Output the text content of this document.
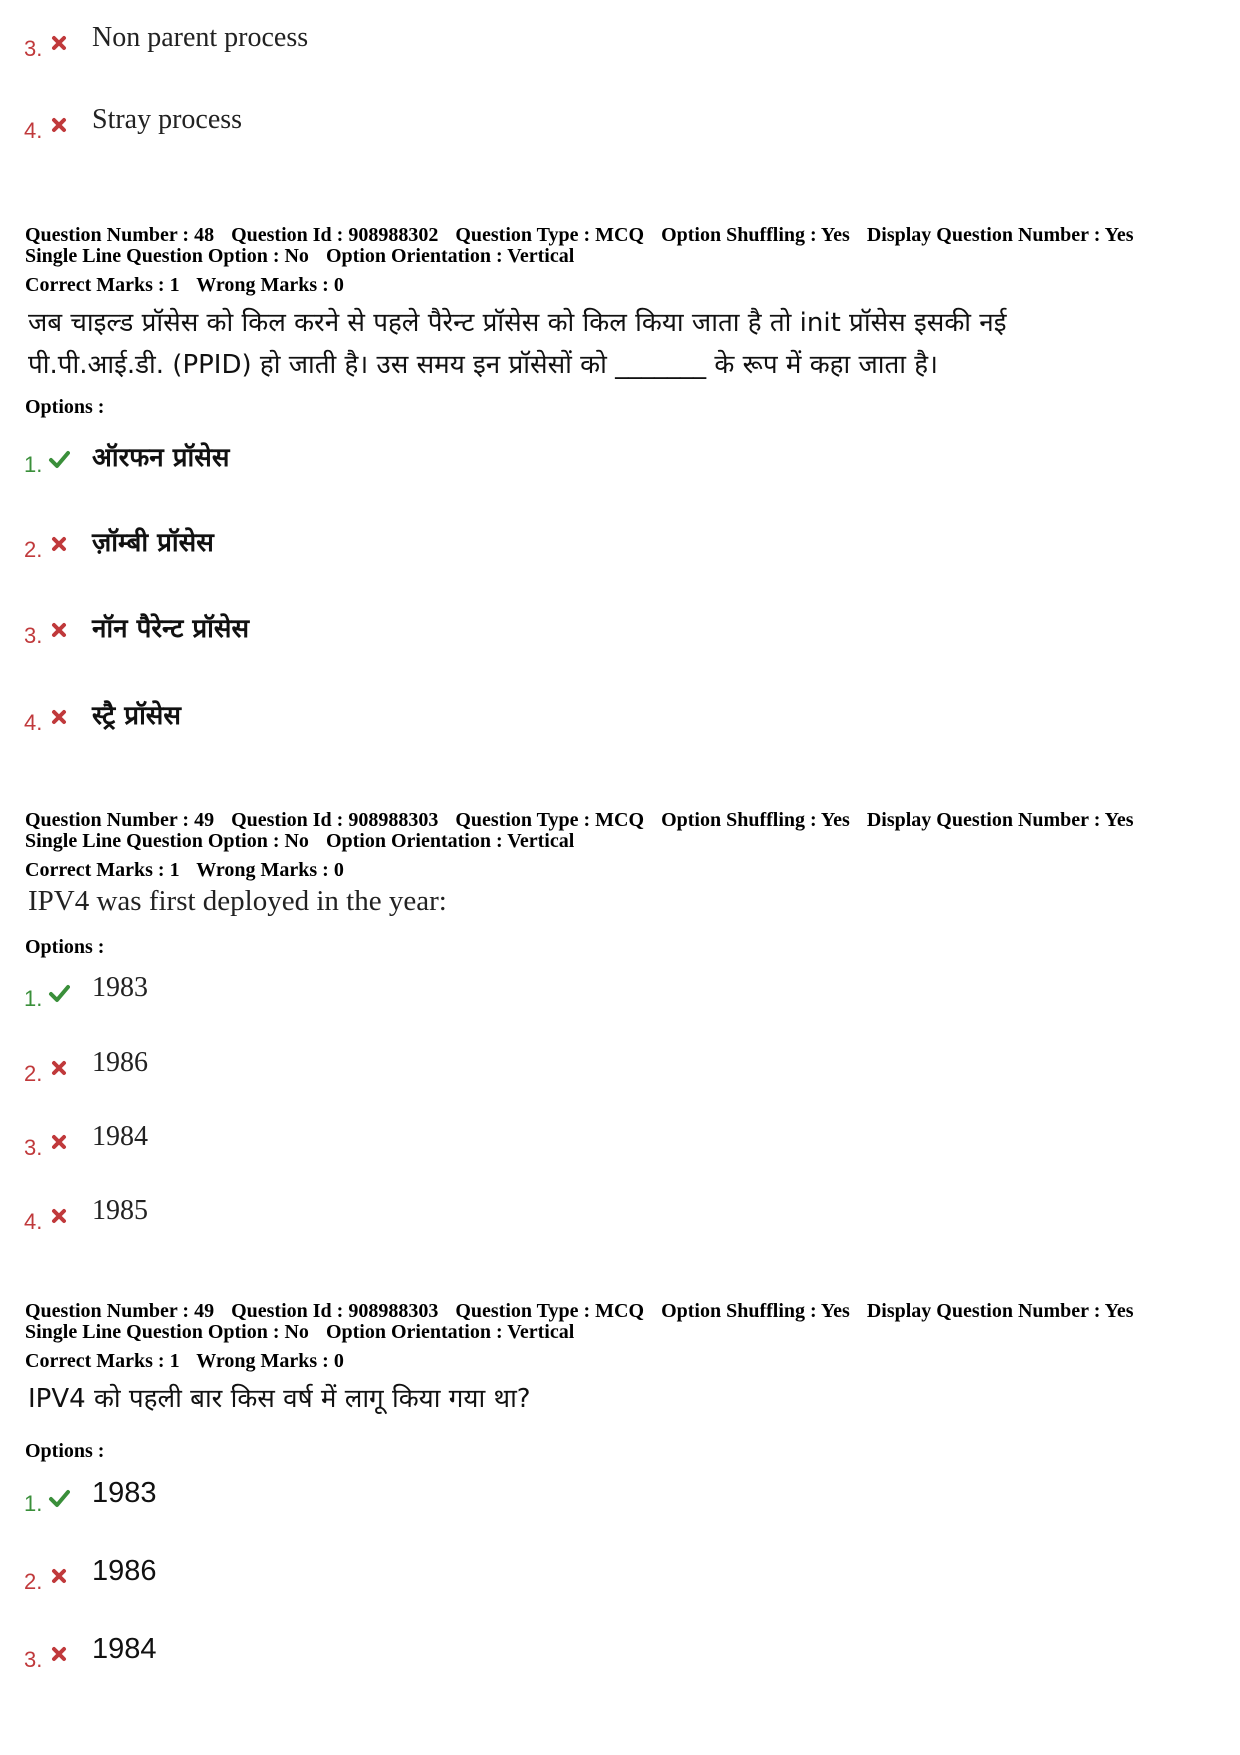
3. Non parent process
4. Stray process
Question Number : 48 Question Id : 908988302 Question Type : MCQ Option Shuffling : Yes Display Question Number : Yes
Single Line Question Option : No Option Orientation : Vertical
Correct Marks : 1 Wrong Marks : 0
जब चाइल्ड प्रॉसेस को किल करने से पहले पैरेन्ट प्रॉसेस को किल किया जाता है तो init प्रॉसेस इसकी नई
पी.पी.आई.डी. (PPID) हो जाती है। उस समय इन प्रॉसेसों को _______ के रूप में कहा जाता है।
Options :
1. ऑरफन प्रॉसेस
2. ज़ॉम्बी प्रॉसेस
3. नॉन पैरेन्ट प्रॉसेस
4. स्ट्रै प्रॉसेस
Question Number : 49 Question Id : 908988303 Question Type : MCQ Option Shuffling : Yes Display Question Number : Yes
Single Line Question Option : No Option Orientation : Vertical
Correct Marks : 1 Wrong Marks : 0
IPV4 was first deployed in the year:
Options :
1. 1983
2. 1986
3. 1984
4. 1985
Question Number : 49 Question Id : 908988303 Question Type : MCQ Option Shuffling : Yes Display Question Number : Yes
Single Line Question Option : No Option Orientation : Vertical
Correct Marks : 1 Wrong Marks : 0
IPV4 को पहली बार किस वर्ष में लागू किया गया था?
Options :
1. 1983
2. 1986
3. 1984
